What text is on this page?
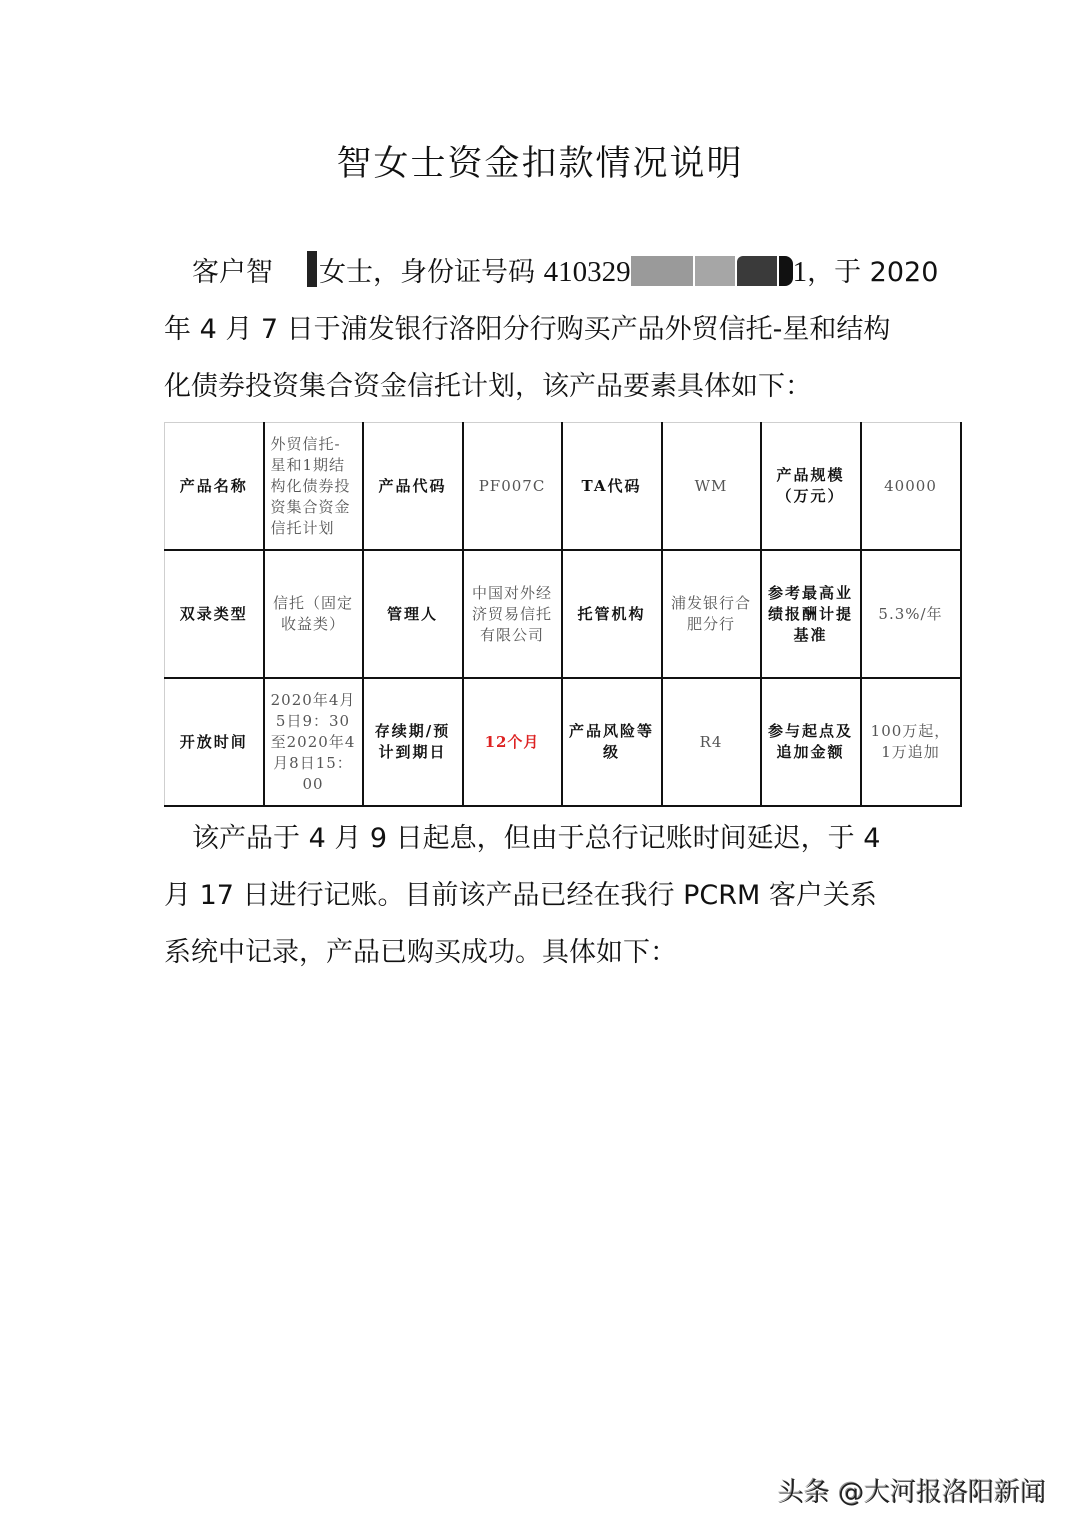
智女士资金扣款情况说明
客户智 女士，身份证号码 410329	1，于 2020
年 4 月 7 日于浦发银行洛阳分行购买产品外贸信托-星和结构
化债券投资集合资金信托计划，该产品要素具体如下：
产品名称	外贸信托-星和1期结构化债券投资集合资金信托计划	产品代码	PF007C	TA代码	WM	产品规模（万元）	40000
双录类型	信托（固定收益类）	管理人	中国对外经济贸易信托有限公司	托管机构	浦发银行合肥分行	参考最高业绩报酬计提基准	5.3%/年
开放时间	2020年4月5日9：30至2020年4月8日15：00	存续期/预计到期日	12个月	产品风险等级	R4	参与起点及追加金额	100万起，1万追加
该产品于 4 月 9 日起息，但由于总行记账时间延迟，于 4
月 17 日进行记账。目前该产品已经在我行 PCRM 客户关系
系统中记录，产品已购买成功。具体如下：
头条 @大河报洛阳新闻
